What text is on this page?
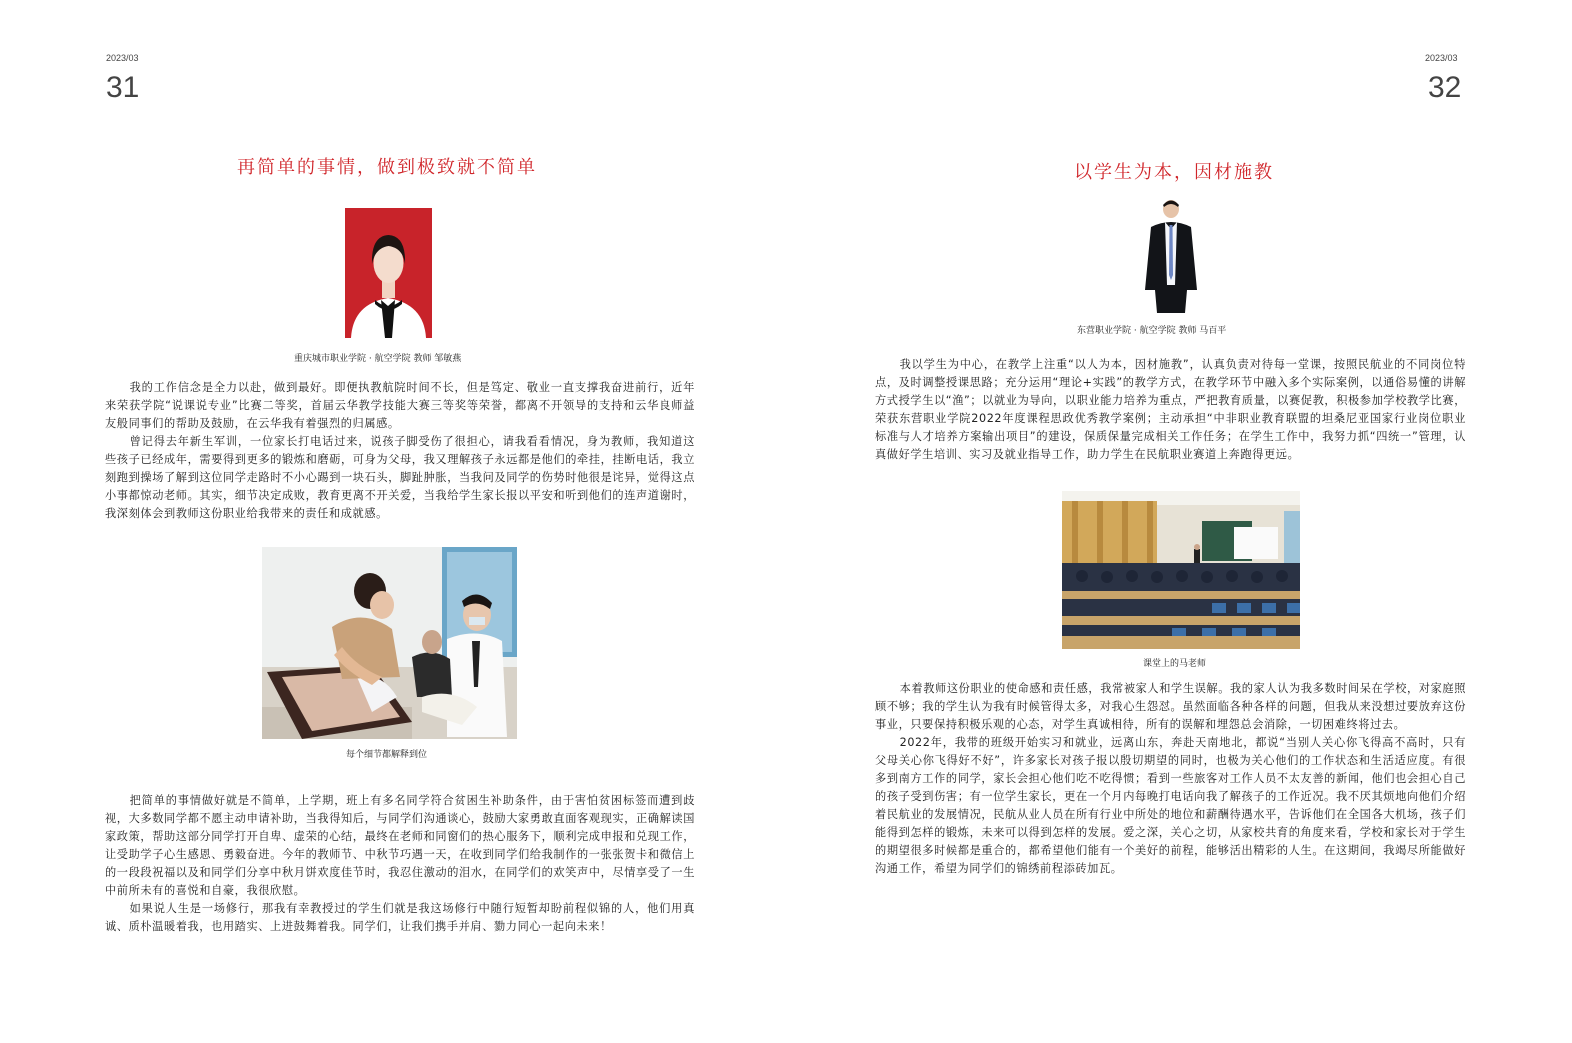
2023/03
31
再简单的事情，做到极致就不简单
重庆城市职业学院 · 航空学院 教师 邹敏燕

我的工作信念是全力以赴，做到最好。即便执教航院时间不长，但是笃定、敬业一直支撑我奋进前行，近年来荣获学院“说课说专业”比赛二等奖，首届云华教学技能大赛三等奖等荣誉，都离不开领导的支持和云华良师益友般同事们的帮助及鼓励，在云华我有着强烈的归属感。

曾记得去年新生军训，一位家长打电话过来，说孩子脚受伤了很担心，请我看看情况，身为教师，我知道这些孩子已经成年，需要得到更多的锻炼和磨砺，可身为父母，我又理解孩子永远都是他们的牵挂，挂断电话，我立刻跑到操场了解到这位同学走路时不小心踢到一块石头，脚趾肿胀，当我问及同学的伤势时他很是诧异，觉得这点小事都惊动老师。其实，细节决定成败，教育更离不开关爱，当我给学生家长报以平安和听到他们的连声道谢时，我深刻体会到教师这份职业给我带来的责任和成就感。

每个细节都解释到位

把简单的事情做好就是不简单，上学期，班上有多名同学符合贫困生补助条件，由于害怕贫困标签而遭到歧视，大多数同学都不愿主动申请补助，当我得知后，与同学们沟通谈心，鼓励大家勇敢直面客观现实，正确解读国家政策，帮助这部分同学打开自卑、虚荣的心结，最终在老师和同窗们的热心服务下，顺利完成申报和兑现工作，让受助学子心生感恩、勇毅奋进。今年的教师节、中秋节巧遇一天，在收到同学们给我制作的一张张贺卡和微信上的一段段祝福以及和同学们分享中秋月饼欢度佳节时，我忍住激动的泪水，在同学们的欢笑声中，尽情享受了一生中前所未有的喜悦和自豪，我很欣慰。

如果说人生是一场修行，那我有幸教授过的学生们就是我这场修行中随行短暂却盼前程似锦的人，他们用真诚、质朴温暖着我，也用踏实、上进鼓舞着我。同学们，让我们携手并肩、勠力同心一起向未来！

2023/03
32
以学生为本，因材施教
东营职业学院 · 航空学院 教师 马百平

我以学生为中心，在教学上注重“以人为本，因材施教”，认真负责对待每一堂课，按照民航业的不同岗位特点，及时调整授课思路；充分运用“理论+实践”的教学方式，在教学环节中融入多个实际案例，以通俗易懂的讲解方式授学生以“渔”；以就业为导向，以职业能力培养为重点，严把教育质量，以赛促教，积极参加学校教学比赛，荣获东营职业学院2022年度课程思政优秀教学案例；主动承担“中非职业教育联盟的坦桑尼亚国家行业岗位职业标准与人才培养方案输出项目”的建设，保质保量完成相关工作任务；在学生工作中，我努力抓“四统一”管理，认真做好学生培训、实习及就业指导工作，助力学生在民航职业赛道上奔跑得更远。

课堂上的马老师

本着教师这份职业的使命感和责任感，我常被家人和学生误解。我的家人认为我多数时间呆在学校，对家庭照顾不够；我的学生认为我有时候管得太多，对我心生怨怼。虽然面临各种各样的问题，但我从来没想过要放弃这份事业，只要保持积极乐观的心态，对学生真诚相待，所有的误解和埋怨总会消除，一切困难终将过去。

2022年，我带的班级开始实习和就业，远离山东，奔赴天南地北，都说“当别人关心你飞得高不高时，只有父母关心你飞得好不好”，许多家长对孩子报以殷切期望的同时，也极为关心他们的工作状态和生活适应度。有很多到南方工作的同学，家长会担心他们吃不吃得惯；看到一些旅客对工作人员不太友善的新闻，他们也会担心自己的孩子受到伤害；有一位学生家长，更在一个月内每晚打电话向我了解孩子的工作近况。我不厌其烦地向他们介绍着民航业的发展情况，民航从业人员在所有行业中所处的地位和薪酬待遇水平，告诉他们在全国各大机场，孩子们能得到怎样的锻炼，未来可以得到怎样的发展。爱之深，关心之切，从家校共育的角度来看，学校和家长对于学生的期望很多时候都是重合的，都希望他们能有一个美好的前程，能够活出精彩的人生。在这期间，我竭尽所能做好沟通工作，希望为同学们的锦绣前程添砖加瓦。
